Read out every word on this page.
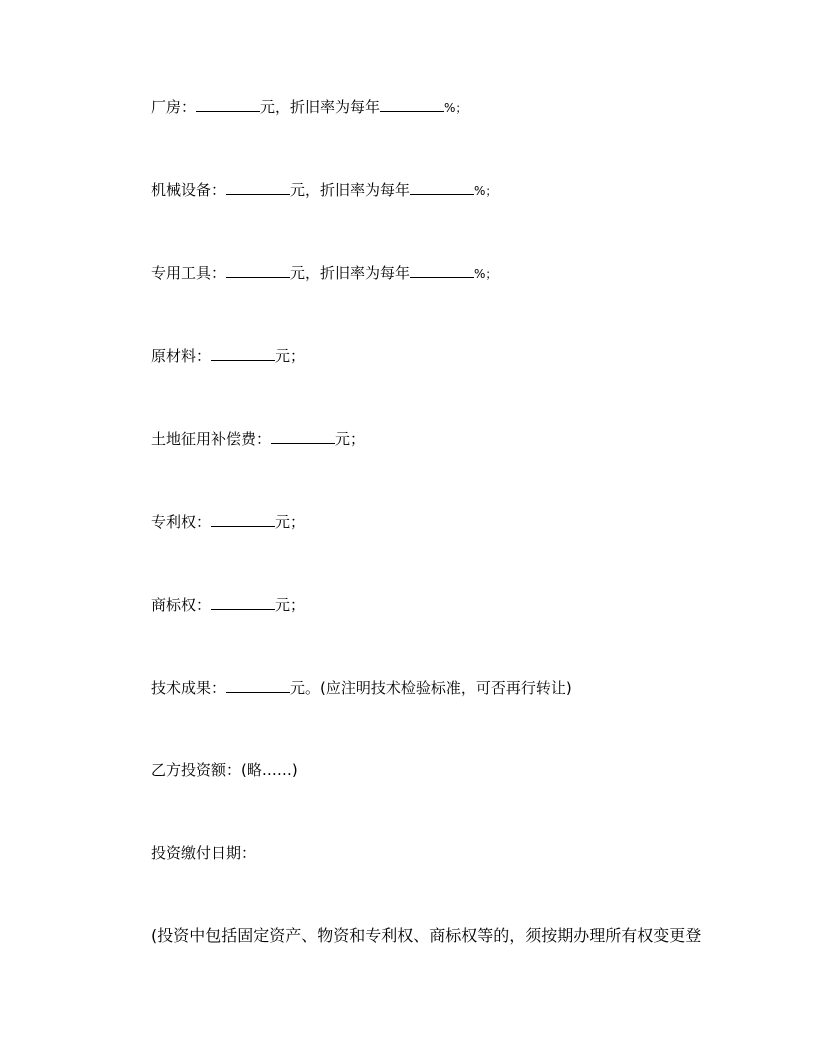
厂房：	元，折旧率为每年	%；
机械设备：	元，折旧率为每年	%；
专用工具：	元，折旧率为每年	%；
原材料：	元；
土地征用补偿费：	元；
专利权：	元；
商标权：	元；
技术成果：	元。(应注明技术检验标准，可否再行转让)
乙方投资额：(略……)
投资缴付日期：
(投资中包括固定资产、物资和专利权、商标权等的，须按期办理所有权变更登
